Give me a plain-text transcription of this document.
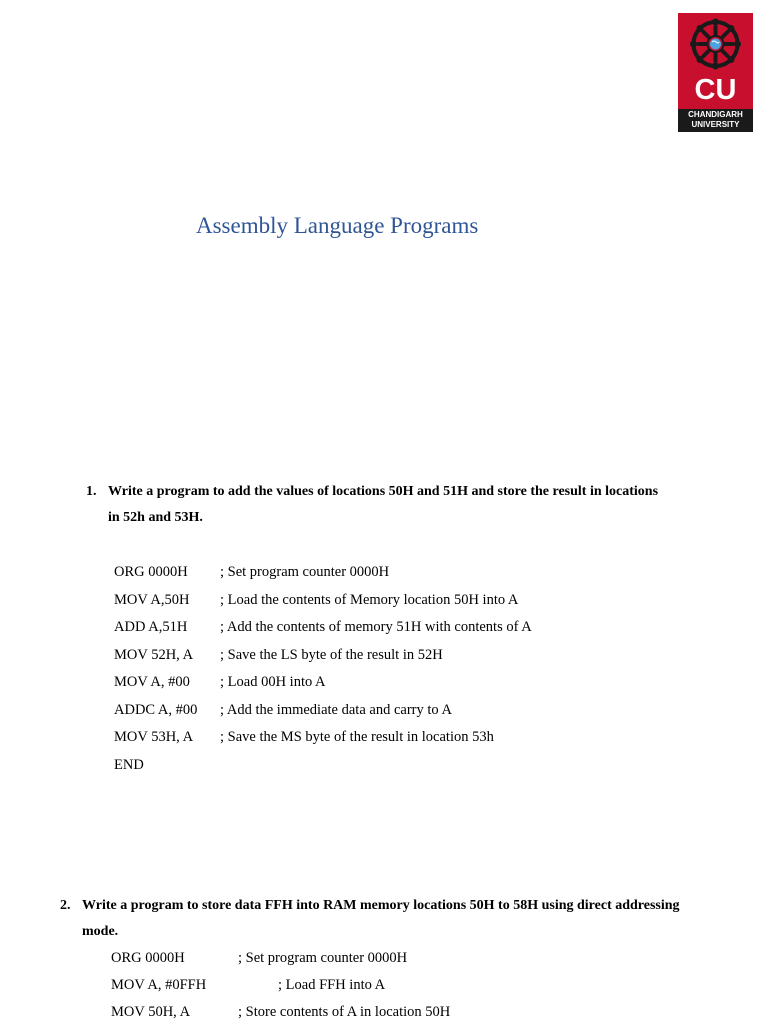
CU
CHANDIGARH
UNIVERSITY
Assembly Language Programs
1. Write a program to add the values of locations 50H and 51H and store the result in locations in 52h and 53H.
ORG 0000H ; Set program counter 0000H
MOV A,50H ; Load the contents of Memory location 50H into A
ADD A,51H ; Add the contents of memory 51H with contents of A
MOV 52H, A ; Save the LS byte of the result in 52H
MOV A, #00 ; Load 00H into A
ADDC A, #00 ; Add the immediate data and carry to A
MOV 53H, A ; Save the MS byte of the result in location 53h
END
2. Write a program to store data FFH into RAM memory locations 50H to 58H using direct addressing mode.
ORG 0000H	; Set program counter 0000H
MOV A, #0FFH	; Load FFH into A
MOV 50H, A	; Store contents of A in location 50H
